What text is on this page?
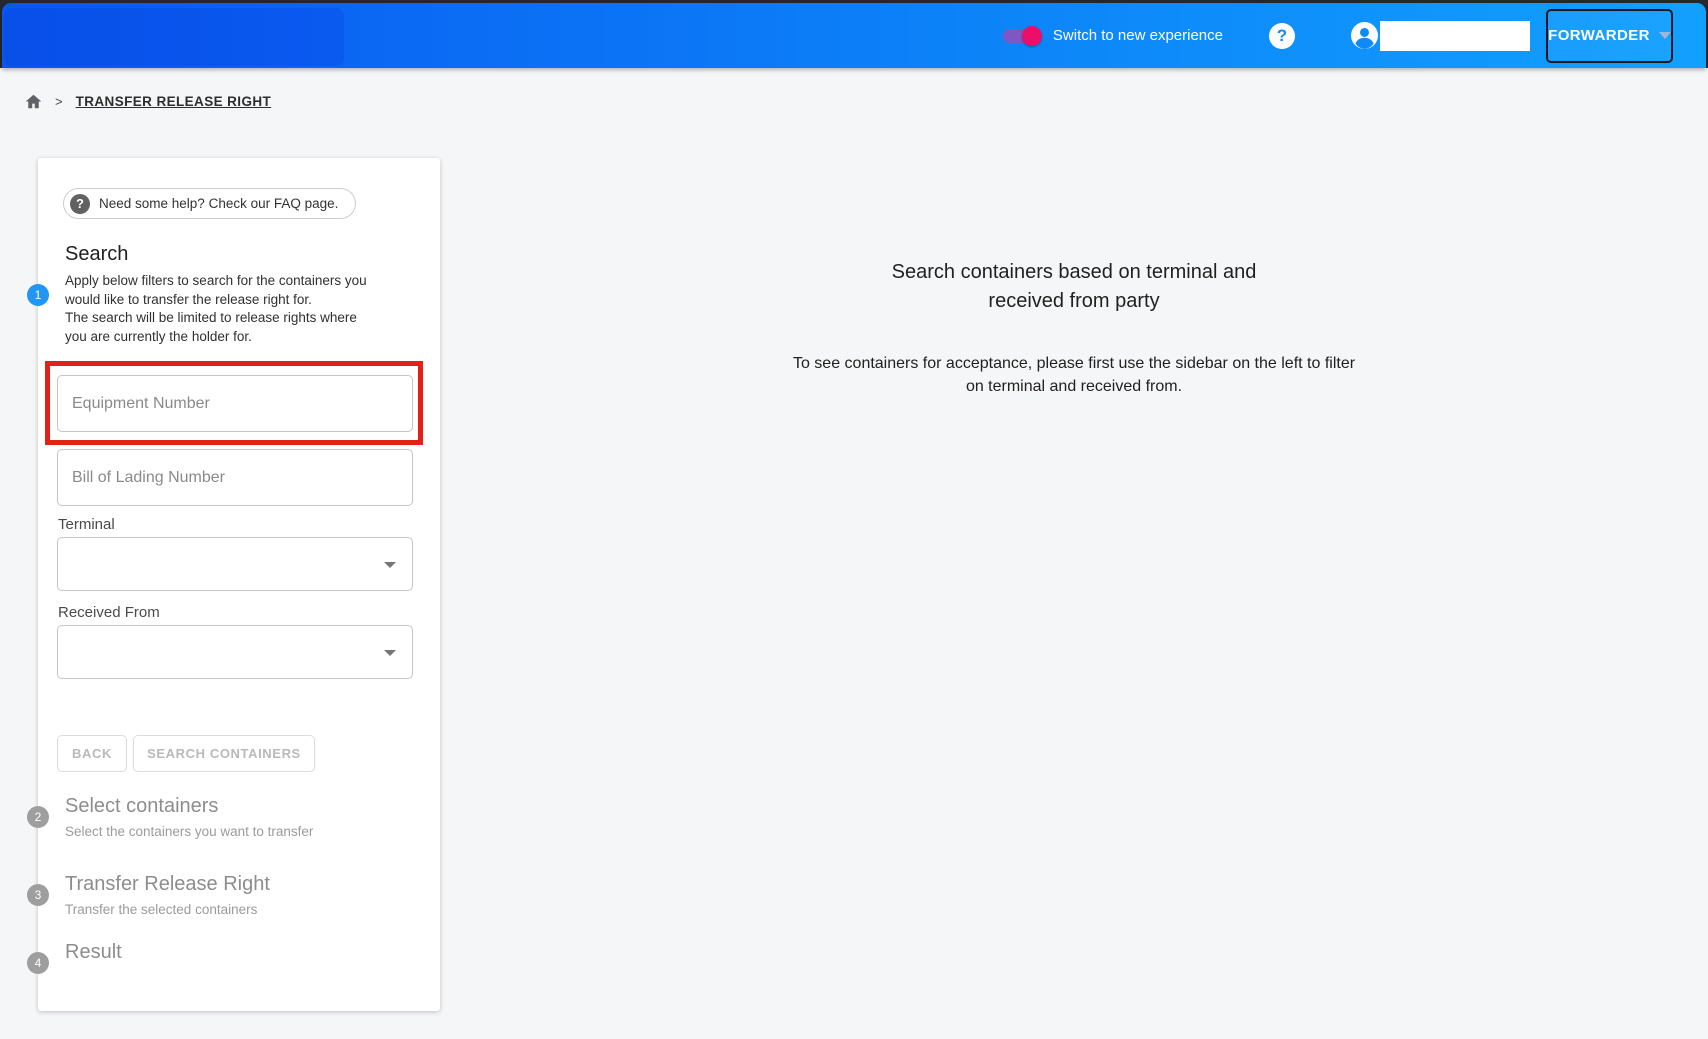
Switch to new experience	?	FORWARDER
> TRANSFER RELEASE RIGHT
?	Need some help? Check our FAQ page.
1
Search
Apply below filters to search for the containers you would like to transfer the release right for.
The search will be limited to release rights where you are currently the holder for.
Equipment Number
Bill of Lading Number
Terminal
Received From
BACK	SEARCH CONTAINERS
2	Select containers
Select the containers you want to transfer
3	Transfer Release Right
Transfer the selected containers
4	Result
Search containers based on terminal and
received from party
To see containers for acceptance, please first use the sidebar on the left to filter
on terminal and received from.
